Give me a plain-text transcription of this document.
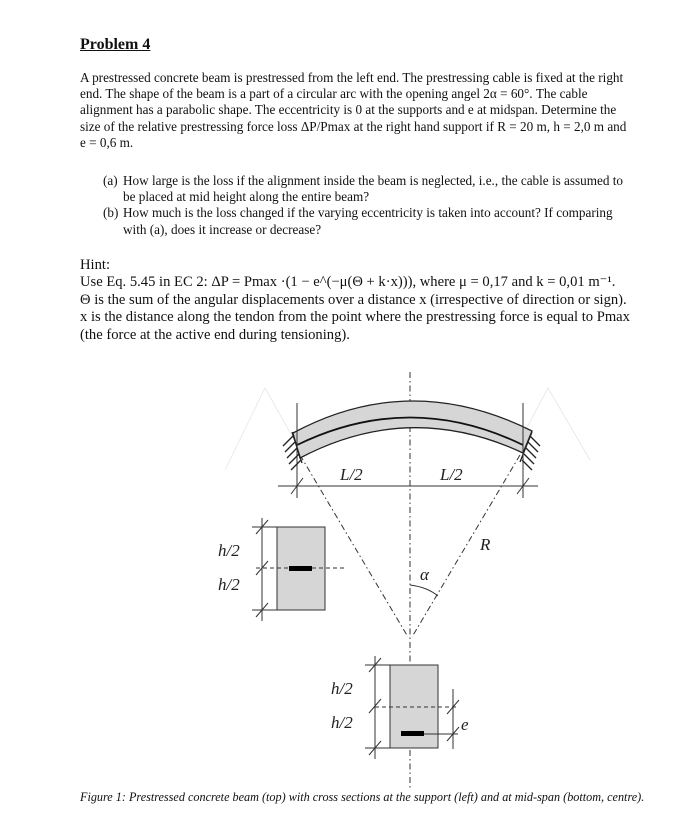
Problem 4
A prestressed concrete beam is prestressed from the left end. The prestressing cable is fixed at the right end. The shape of the beam is a part of a circular arc with the opening angel 2α = 60°. The cable alignment has a parabolic shape. The eccentricity is 0 at the supports and e at midspan. Determine the size of the relative prestressing force loss ΔP/Pmax at the right hand support if R = 20 m, h = 2,0 m and e = 0,6 m.
(a) How large is the loss if the alignment inside the beam is neglected, i.e., the cable is assumed to be placed at mid height along the entire beam?
(b) How much is the loss changed if the varying eccentricity is taken into account? If comparing with (a), does it increase or decrease?
Hint:
Use Eq. 5.45 in EC 2: ΔP = Pmax ·(1 − e^(−μ(Θ + k·x))), where μ = 0,17 and k = 0,01 m⁻¹.
Θ is the sum of the angular displacements over a distance x (irrespective of direction or sign).
x is the distance along the tendon from the point where the prestressing force is equal to Pmax (the force at the active end during tensioning).
L/2	L/2
R
α
h/2
h/2
h/2
h/2	e
Figure 1: Prestressed concrete beam (top) with cross sections at the support (left) and at mid-span (bottom, centre).
